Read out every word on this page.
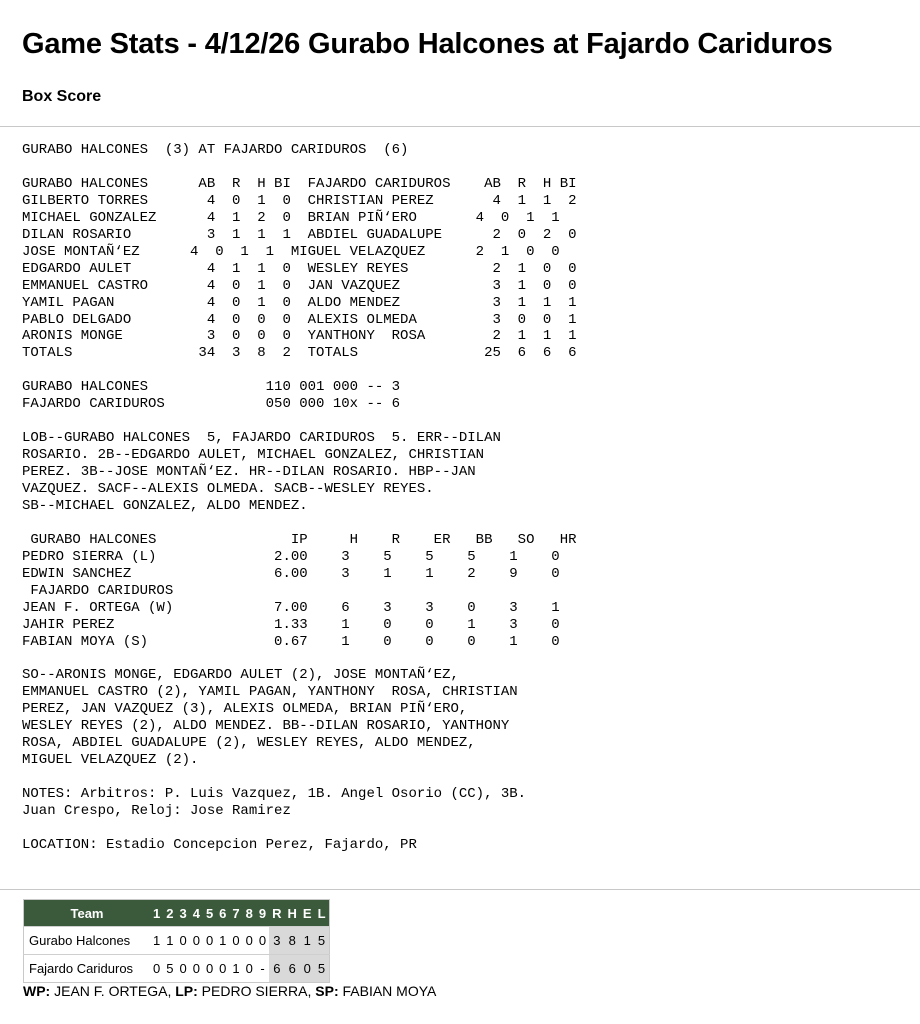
Game Stats - 4/12/26 Gurabo Halcones at Fajardo Cariduros
Box Score
GURABO HALCONES  (3) AT FAJARDO CARIDUROS  (6)
GURABO HALCONES      AB  R  H BI  FAJARDO CARIDUROS    AB  R  H BI
GILBERTO TORRES       4  0  1  0  CHRISTIAN PEREZ       4  1  1  2
MICHAEL GONZALEZ      4  1  2  0  BRIAN PIÑ‘ERO       4  0  1  1
DILAN ROSARIO         3  1  1  1  ABDIEL GUADALUPE      2  0  2  0
JOSE MONTAÑ‘EZ      4  0  1  1  MIGUEL VELAZQUEZ      2  1  0  0
EDGARDO AULET         4  1  1  0  WESLEY REYES          2  1  0  0
EMMANUEL CASTRO       4  0  1  0  JAN VAZQUEZ           3  1  0  0
YAMIL PAGAN           4  0  1  0  ALDO MENDEZ           3  1  1  1
PABLO DELGADO         4  0  0  0  ALEXIS OLMEDA         3  0  0  1
ARONIS MONGE          3  0  0  0  YANTHONY  ROSA        2  1  1  1
TOTALS               34  3  8  2  TOTALS               25  6  6  6
GURABO HALCONES              110 001 000 -- 3
FAJARDO CARIDUROS            050 000 10x -- 6
LOB--GURABO HALCONES  5, FAJARDO CARIDUROS  5. ERR--DILAN
ROSARIO. 2B--EDGARDO AULET, MICHAEL GONZALEZ, CHRISTIAN
PEREZ. 3B--JOSE MONTAÑ‘EZ. HR--DILAN ROSARIO. HBP--JAN
VAZQUEZ. SACF--ALEXIS OLMEDA. SACB--WESLEY REYES.
SB--MICHAEL GONZALEZ, ALDO MENDEZ.
GURABO HALCONES                IP     H    R    ER   BB   SO   HR
PEDRO SIERRA (L)              2.00    3    5    5    5    1    0
EDWIN SANCHEZ                 6.00    3    1    1    2    9    0
FAJARDO CARIDUROS
JEAN F. ORTEGA (W)            7.00    6    3    3    0    3    1
JAHIR PEREZ                   1.33    1    0    0    1    3    0
FABIAN MOYA (S)               0.67    1    0    0    0    1    0
SO--ARONIS MONGE, EDGARDO AULET (2), JOSE MONTAÑ‘EZ,
EMMANUEL CASTRO (2), YAMIL PAGAN, YANTHONY  ROSA, CHRISTIAN
PEREZ, JAN VAZQUEZ (3), ALEXIS OLMEDA, BRIAN PIÑ‘ERO,
WESLEY REYES (2), ALDO MENDEZ. BB--DILAN ROSARIO, YANTHONY
ROSA, ABDIEL GUADALUPE (2), WESLEY REYES, ALDO MENDEZ,
MIGUEL VELAZQUEZ (2).
NOTES: Arbitros: P. Luis Vazquez, 1B. Angel Osorio (CC), 3B.
Juan Crespo, Reloj: Jose Ramirez
LOCATION: Estadio Concepcion Perez, Fajardo, PR
Team	1	2	3	4	5	6	7	8	9	R	H	E	L
Gurabo Halcones	1	1	0	0	0	1	0	0	0	3	8	1	5
Fajardo Cariduros	0	5	0	0	0	0	1	0	-	6	6	0	5

WP: JEAN F. ORTEGA, LP: PEDRO SIERRA, SP: FABIAN MOYA
